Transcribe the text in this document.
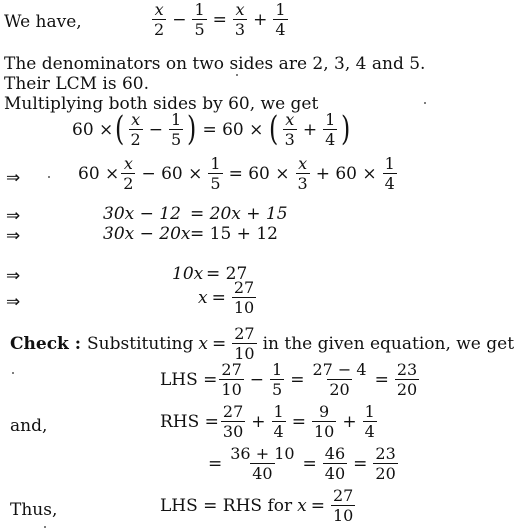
We have,	$\frac{x}{2} - \frac{1}{5} = \frac{x}{3} + \frac{1}{4}$
The denominators on two sides are 2, 3, 4 and 5.
Their LCM is 60.
Multiplying both sides by 60, we get
60 × ( $\frac{x}{2} - \frac{1}{5}$ ) = 60 × ( $\frac{x}{3} + \frac{1}{4}$ )
⇒	$60 \times \frac{x}{2} - 60 \times \frac{1}{5} = 60 \times \frac{x}{3} + 60 \times \frac{1}{4}$
⇒	30x − 12 = 20x + 15
⇒	30x − 20x = 15 + 12
⇒	10x = 27
⇒	$x = \frac{27}{10}$
Check : Substituting $x = \frac{27}{10}$ in the given equation, we get
LHS = $\frac{27}{10} - \frac{1}{5} = \frac{27 - 4}{20} = \frac{23}{20}$
and,	RHS = $\frac{27}{30} + \frac{1}{4} = \frac{9}{10} + \frac{1}{4}$
= $\frac{36 + 10}{40} = \frac{46}{40} = \frac{23}{20}$
Thus,	LHS = RHS for $x = \frac{27}{10}$
